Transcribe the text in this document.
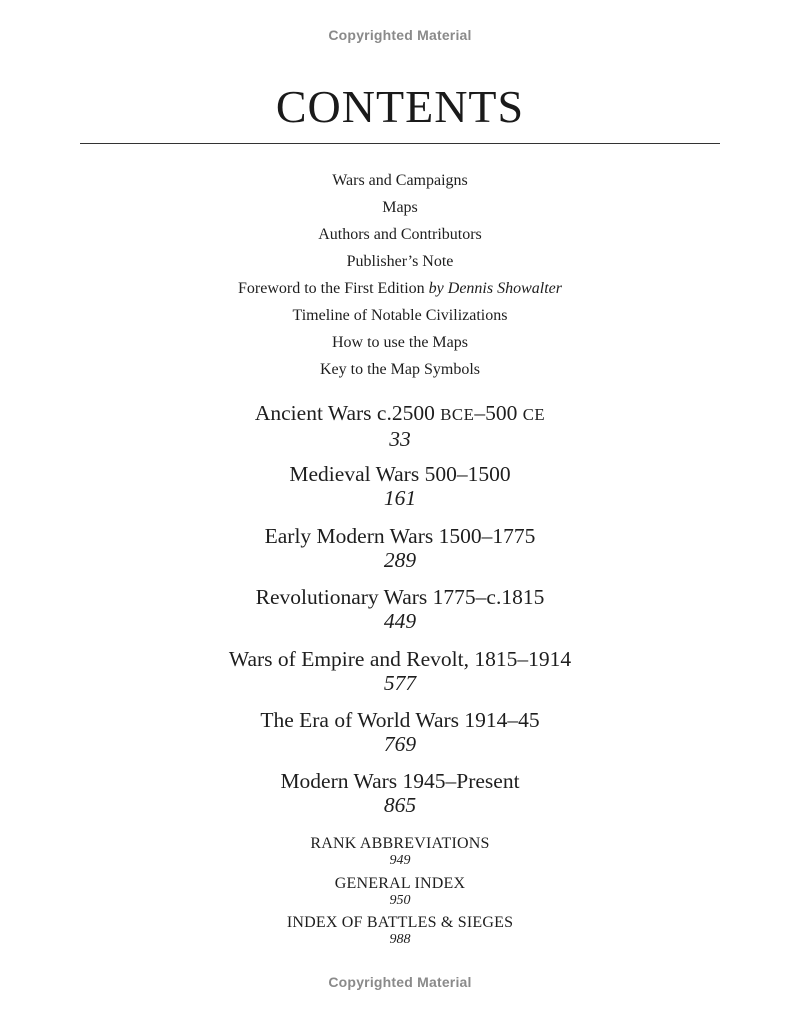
Copyrighted Material
CONTENTS
Wars and Campaigns
Maps
Authors and Contributors
Publisher’s Note
Foreword to the First Edition by Dennis Showalter
Timeline of Notable Civilizations
How to use the Maps
Key to the Map Symbols
Ancient Wars c.2500 BCE–500 CE
33
Medieval Wars 500–1500
161
Early Modern Wars 1500–1775
289
Revolutionary Wars 1775–c.1815
449
Wars of Empire and Revolt, 1815–1914
577
The Era of World Wars 1914–45
769
Modern Wars 1945–Present
865
RANK ABBREVIATIONS
949
GENERAL INDEX
950
INDEX OF BATTLES & SIEGES
988
Copyrighted Material
